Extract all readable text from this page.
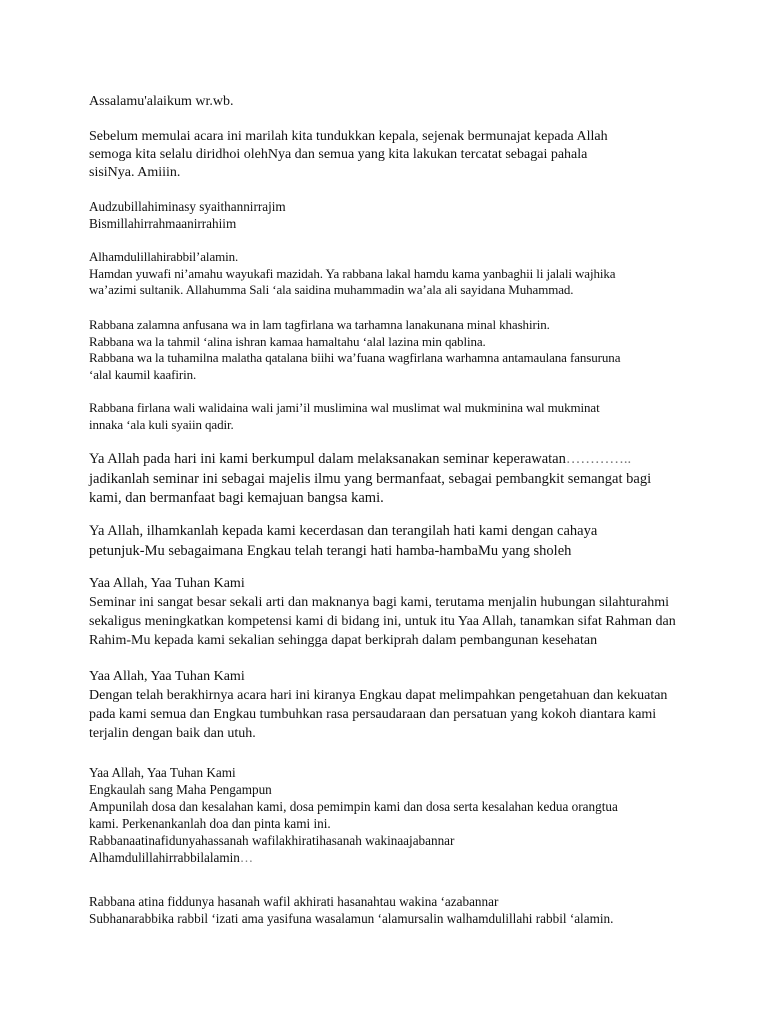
Assalamu'alaikum wr.wb.

Sebelum memulai acara ini marilah kita tundukkan kepala, sejenak bermunajat kepada Allah
semoga kita selalu diridhoi olehNya dan semua yang kita lakukan tercatat sebagai pahala
sisiNya. Amiiin.

Audzubillahiminasy syaithannirrajim
Bismillahirrahmaanirrahiim

Alhamdulillahirabbil’alamin.
Hamdan yuwafi ni’amahu wayukafi mazidah. Ya rabbana lakal hamdu kama yanbaghii li jalali wajhika
wa’azimi sultanik. Allahumma Sali ‘ala saidina muhammadin wa’ala ali sayidana Muhammad.

Rabbana zalamna anfusana wa in lam tagfirlana wa tarhamna lanakunana minal khashirin.
Rabbana wa la tahmil ‘alina ishran kamaa hamaltahu ‘alal lazina min qablina.
Rabbana wa la tuhamilna malatha qatalana biihi wa’fuana wagfirlana warhamna antamaulana fansuruna
‘alal kaumil kaafirin.

Rabbana firlana wali walidaina wali jami’il muslimina wal muslimat wal mukminina wal mukminat
innaka ‘ala kuli syaiin qadir.

Ya Allah pada hari ini kami berkumpul dalam melaksanakan seminar keperawatan…………..
jadikanlah seminar ini sebagai majelis ilmu yang bermanfaat, sebagai pembangkit semangat bagi
kami, dan bermanfaat bagi kemajuan bangsa kami.

Ya Allah, ilhamkanlah kepada kami kecerdasan dan terangilah hati kami dengan cahaya
petunjuk-Mu sebagaimana Engkau telah terangi hati hamba-hambaMu yang sholeh

Yaa Allah, Yaa Tuhan Kami
Seminar ini sangat besar sekali arti dan maknanya bagi kami, terutama menjalin hubungan silahturahmi
sekaligus meningkatkan kompetensi kami di bidang ini, untuk itu Yaa Allah, tanamkan sifat Rahman dan
Rahim-Mu kepada kami sekalian sehingga dapat berkiprah dalam pembangunan kesehatan

Yaa Allah, Yaa Tuhan Kami
Dengan telah berakhirnya acara hari ini kiranya Engkau dapat melimpahkan pengetahuan dan kekuatan
pada kami semua dan Engkau tumbuhkan rasa persaudaraan dan persatuan yang kokoh diantara kami
terjalin dengan baik dan utuh.

Yaa Allah, Yaa Tuhan Kami
Engkaulah sang Maha Pengampun
Ampunilah dosa dan kesalahan kami, dosa pemimpin kami dan dosa serta kesalahan kedua orangtua
kami. Perkenankanlah doa dan pinta kami ini.
Rabbanaatinafidunyahassanah wafilakhiratihasanah wakinaajabannar
Alhamdulillahirrabbilalamin…

Rabbana atina fiddunya hasanah wafil akhirati hasanahtau wakina ‘azabannar
Subhanarabbika rabbil ‘izati ama yasifuna wasalamun ‘alamursalin walhamdulillahi rabbil ‘alamin.
